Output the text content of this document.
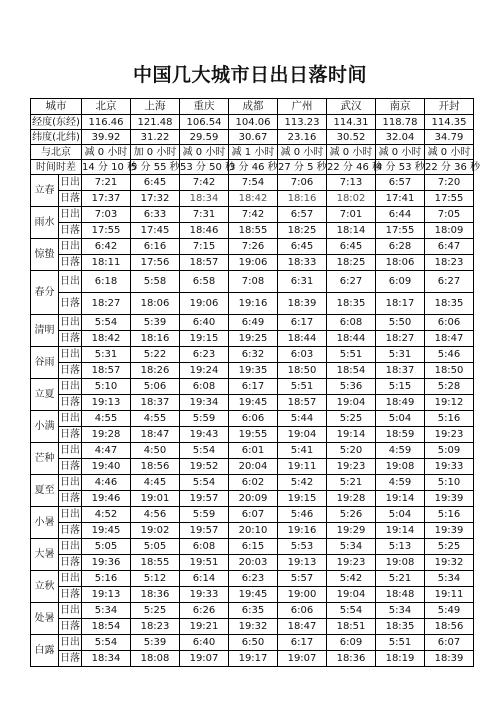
中国几大城市日出日落时间
城市		北京	上海	重庆	成都	广州	武汉	南京	开封
经度(东经)		116.46	121.48	106.54	104.06	113.23	114.31	118.78	114.35
纬度(北纬)		39.92	31.22	29.59	30.67	23.16	30.52	32.04	34.79
与北京		减 0 小时	加 0 小时	减 0 小时	减 1 小时	减 0 小时	减 0 小时	减 0 小时	减 0 小时
时间时差		14 分 10 秒	5 分 55 秒	53 分 50 秒	3 分 46 秒	27 分 5 秒	22 分 46 秒	4 分 53 秒	22 分 36 秒
立春	日出	7:21	6:45	7:42	7:54	7:06	7:13	6:57	7:20
	日落	17:37	17:32	18:34	18:42	18:16	18:02	17:41	17:55
雨水	日出	7:03	6:33	7:31	7:42	6:57	7:01	6:44	7:05
	日落	17:55	17:45	18:46	18:55	18:25	18:14	17:55	18:09
惊蛰	日出	6:42	6:16	7:15	7:26	6:45	6:45	6:28	6:47
	日落	18:11	17:56	18:57	19:06	18:33	18:25	18:06	18:23
春分	日出	6:18	5:58	6:58	7:08	6:31	6:27	6:09	6:27
	日落	18:27	18:06	19:06	19:16	18:39	18:35	18:17	18:35
清明	日出	5:54	5:39	6:40	6:49	6:17	6:08	5:50	6:06
	日落	18:42	18:16	19:15	19:25	18:44	18:44	18:27	18:47
谷雨	日出	5:31	5:22	6:23	6:32	6:03	5:51	5:31	5:46
	日落	18:57	18:26	19:24	19:35	18:50	18:54	18:37	18:50
立夏	日出	5:10	5:06	6:08	6:17	5:51	5:36	5:15	5:28
	日落	19:13	18:37	19:34	19:45	18:57	19:04	18:49	19:12
小满	日出	4:55	4:55	5:59	6:06	5:44	5:25	5:04	5:16
	日落	19:28	18:47	19:43	19:55	19:04	19:14	18:59	19:23
芒种	日出	4:47	4:50	5:54	6:01	5:41	5:20	4:59	5:09
	日落	19:40	18:56	19:52	20:04	19:11	19:23	19:08	19:33
夏至	日出	4:46	4:45	5:54	6:02	5:42	5:21	4:59	5:10
	日落	19:46	19:01	19:57	20:09	19:15	19:28	19:14	19:39
小暑	日出	4:52	4:56	5:59	6:07	5:46	5:26	5:04	5:16
	日落	19:45	19:02	19:57	20:10	19:16	19:29	19:14	19:39
大暑	日出	5:05	5:05	6:08	6:15	5:53	5:34	5:13	5:25
	日落	19:36	18:55	19:51	20:03	19:13	19:23	19:08	19:32
立秋	日出	5:16	5:12	6:14	6:23	5:57	5:42	5:21	5:34
	日落	19:13	18:36	19:33	19:45	19:00	19:04	18:48	19:11
处暑	日出	5:34	5:25	6:26	6:35	6:06	5:54	5:34	5:49
	日落	18:54	18:23	19:21	19:32	18:47	18:51	18:35	18:56
白露	日出	5:54	5:39	6:40	6:50	6:17	6:09	5:51	6:07
	日落	18:34	18:08	19:07	19:17	19:07	18:36	18:19	18:39
